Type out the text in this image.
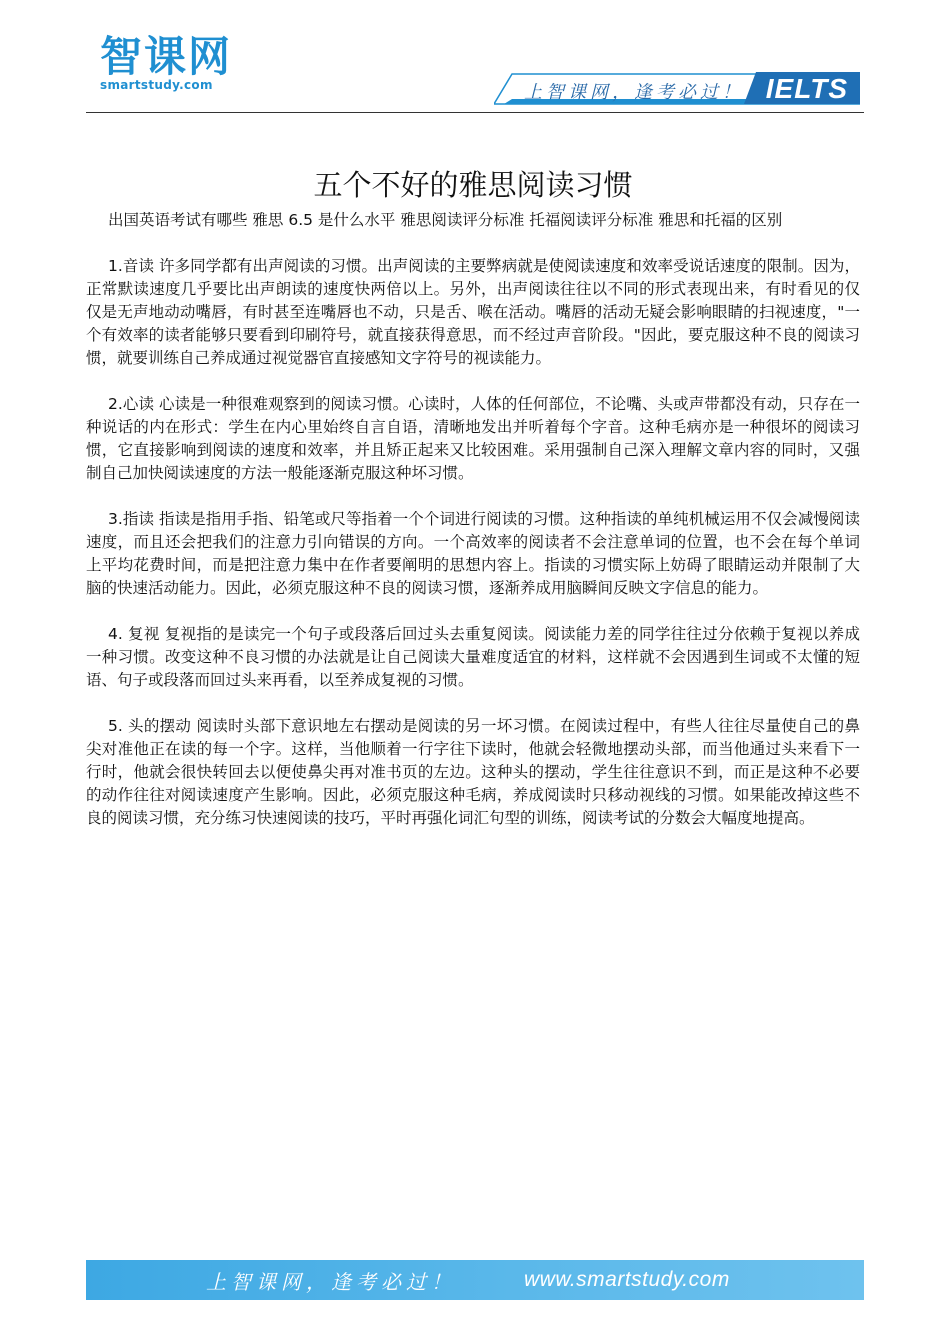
智课网
smartstudy.com	上智课网，逢考必过！ IELTS
五个不好的雅思阅读习惯

出国英语考试有哪些 雅思 6.5 是什么水平 雅思阅读评分标准 托福阅读评分标准 雅思和托福的区别

1.音读 许多同学都有出声阅读的习惯。出声阅读的主要弊病就是使阅读速度和效率受说话速度的限制。因为，正常默读速度几乎要比出声朗读的速度快两倍以上。另外，出声阅读往往以不同的形式表现出来，有时看见的仅仅是无声地动动嘴唇，有时甚至连嘴唇也不动，只是舌、喉在活动。嘴唇的活动无疑会影响眼睛的扫视速度，"一个有效率的读者能够只要看到印刷符号，就直接获得意思，而不经过声音阶段。"因此，要克服这种不良的阅读习惯，就要训练自己养成通过视觉器官直接感知文字符号的视读能力。

2.心读 心读是一种很难观察到的阅读习惯。心读时，人体的任何部位，不论嘴、头或声带都没有动，只存在一种说话的内在形式：学生在内心里始终自言自语，清晰地发出并听着每个字音。这种毛病亦是一种很坏的阅读习惯，它直接影响到阅读的速度和效率，并且矫正起来又比较困难。采用强制自己深入理解文章内容的同时，又强制自己加快阅读速度的方法一般能逐渐克服这种坏习惯。

3.指读 指读是指用手指、铅笔或尺等指着一个个词进行阅读的习惯。这种指读的单纯机械运用不仅会减慢阅读速度，而且还会把我们的注意力引向错误的方向。一个高效率的阅读者不会注意单词的位置，也不会在每个单词上平均花费时间，而是把注意力集中在作者要阐明的思想内容上。指读的习惯实际上妨碍了眼睛运动并限制了大脑的快速活动能力。因此，必须克服这种不良的阅读习惯，逐渐养成用脑瞬间反映文字信息的能力。

4. 复视 复视指的是读完一个句子或段落后回过头去重复阅读。阅读能力差的同学往往过分依赖于复视以养成一种习惯。改变这种不良习惯的办法就是让自己阅读大量难度适宜的材料，这样就不会因遇到生词或不太懂的短语、句子或段落而回过头来再看，以至养成复视的习惯。

5. 头的摆动 阅读时头部下意识地左右摆动是阅读的另一坏习惯。在阅读过程中，有些人往往尽量使自己的鼻尖对准他正在读的每一个字。这样，当他顺着一行字往下读时，他就会轻微地摆动头部，而当他通过头来看下一行时，他就会很快转回去以便使鼻尖再对准书页的左边。这种头的摆动，学生往往意识不到，而正是这种不必要的动作往往对阅读速度产生影响。因此，必须克服这种毛病，养成阅读时只移动视线的习惯。如果能改掉这些不良的阅读习惯，充分练习快速阅读的技巧，平时再强化词汇句型的训练，阅读考试的分数会大幅度地提高。

上智课网，逢考必过！	www.smartstudy.com
